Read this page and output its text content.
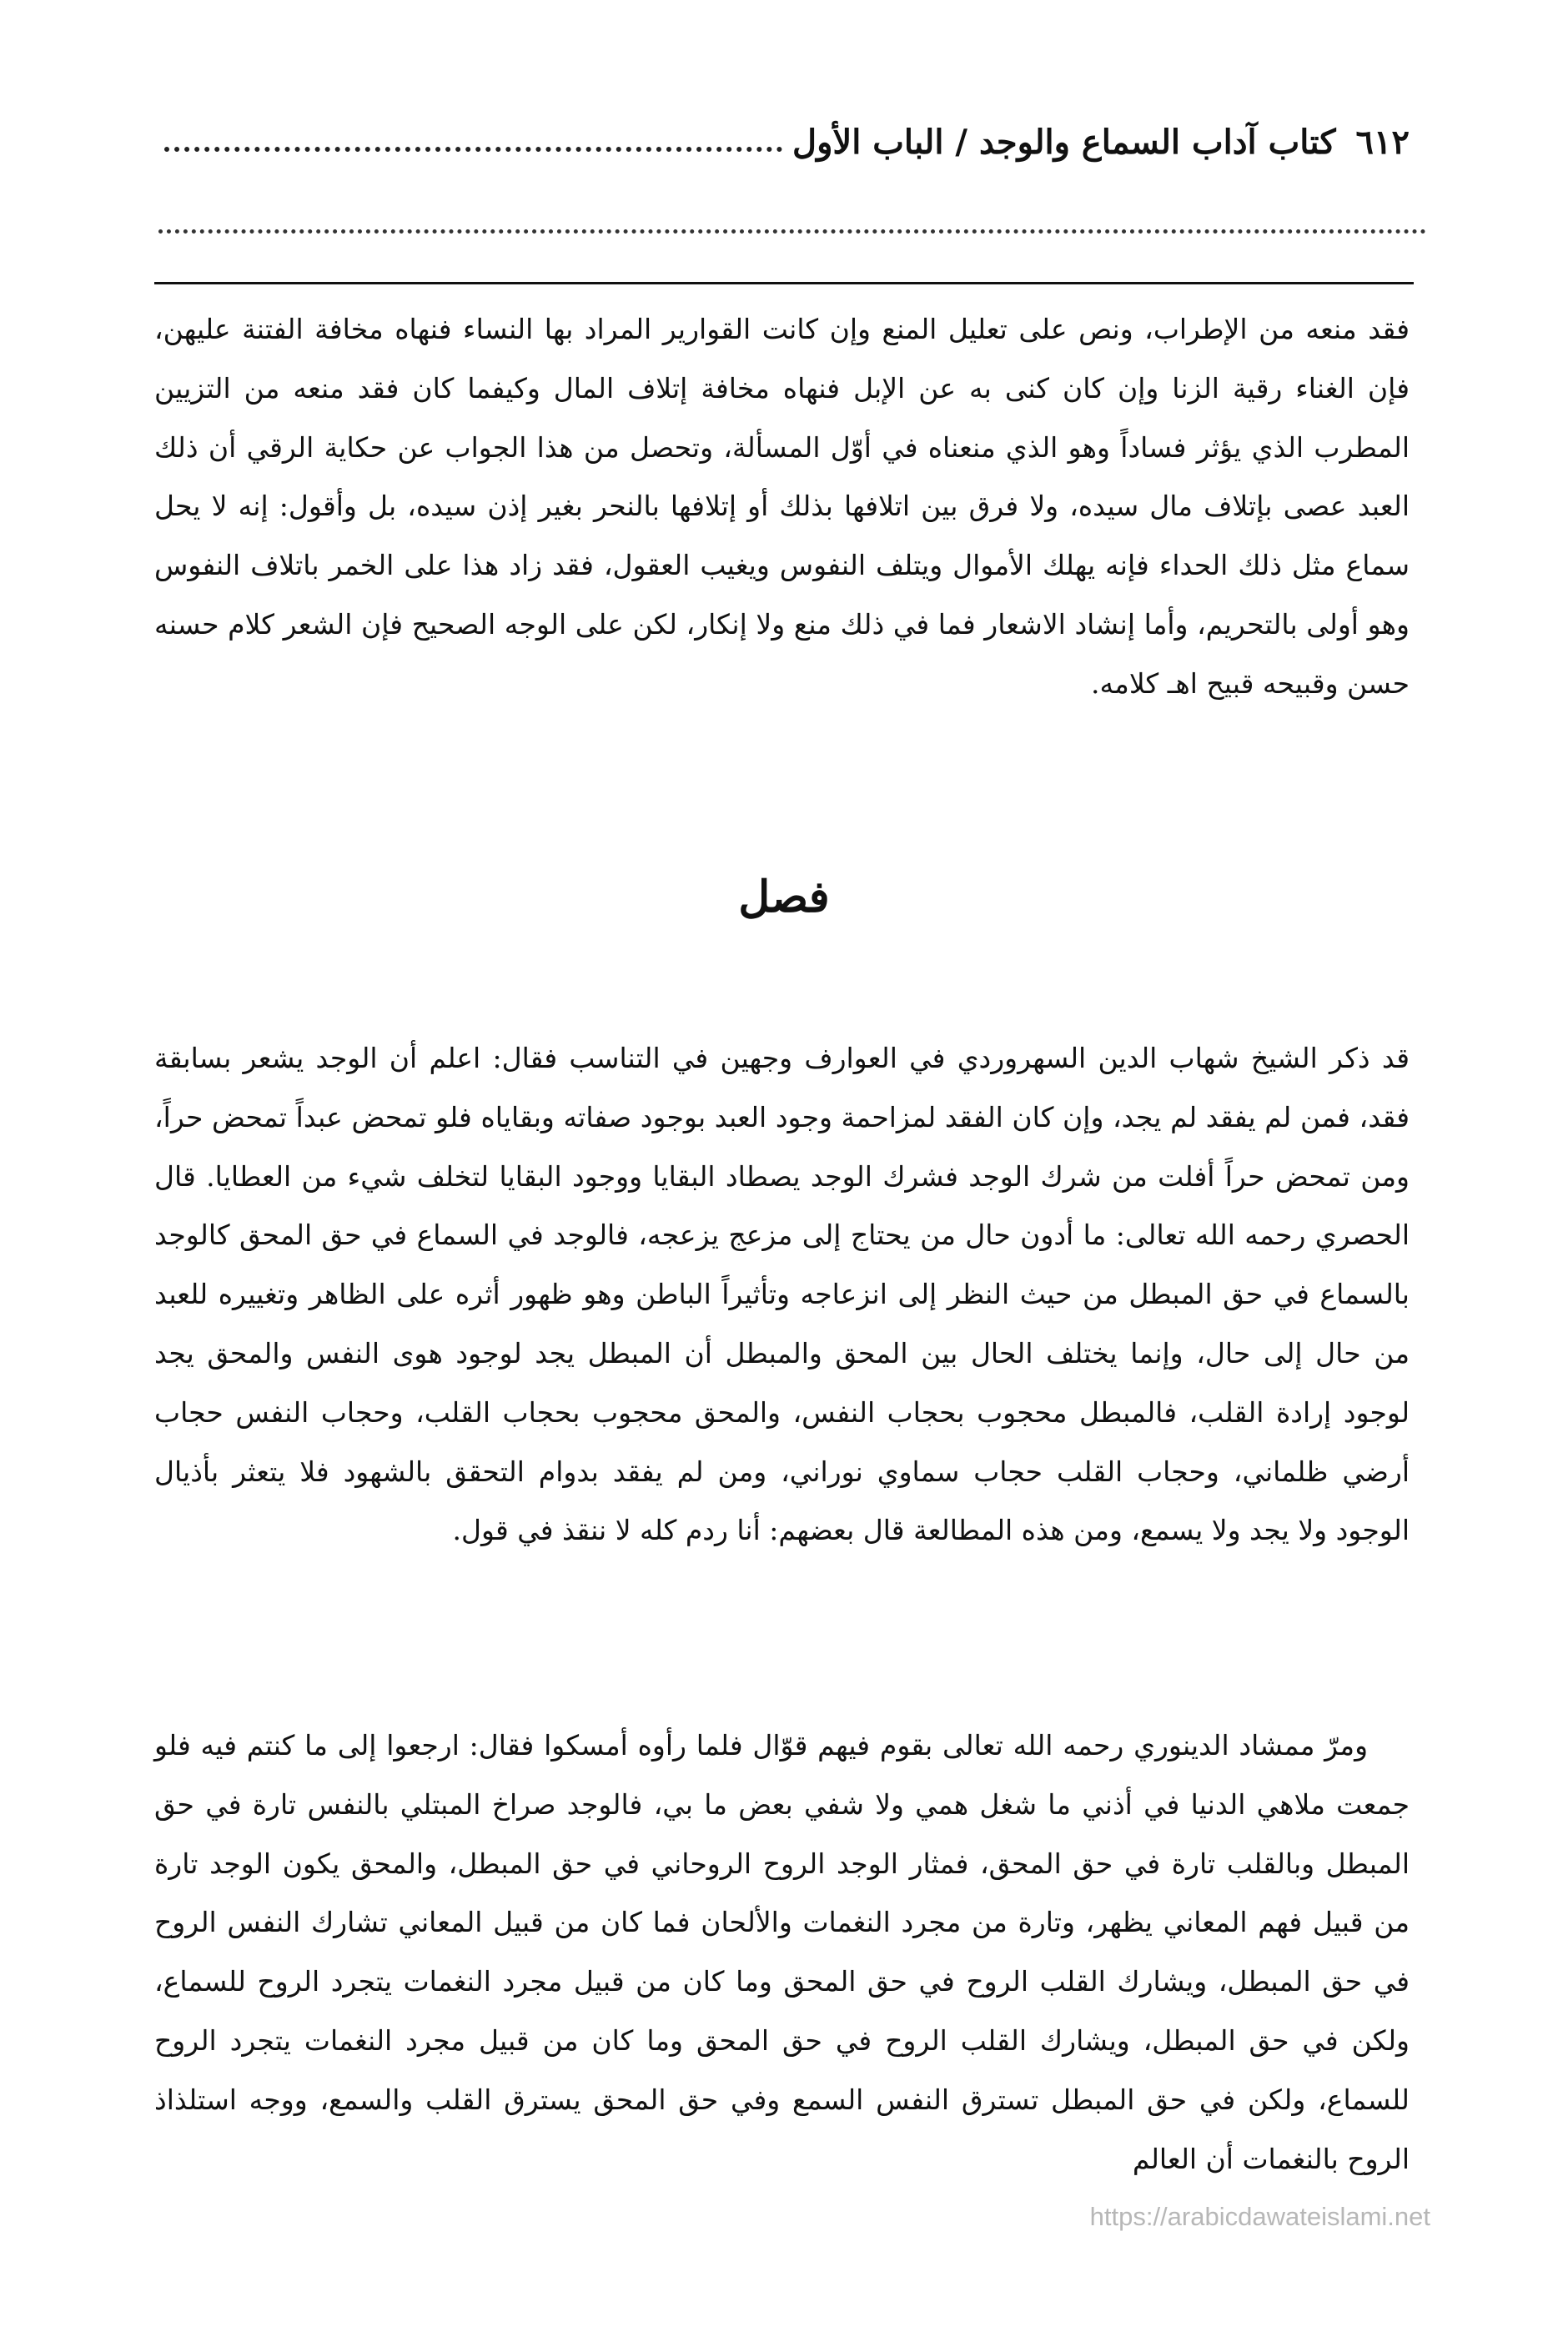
٦١٢
كتاب آداب السماع والوجد / الباب الأول

فقد منعه من الإطراب، ونص على تعليل المنع وإن كانت القوارير المراد بها النساء فنهاه مخافة الفتنة عليهن، فإن الغناء رقية الزنا وإن كان كنى به عن الإبل فنهاه مخافة إتلاف المال وكيفما كان فقد منعه من التزيين المطرب الذي يؤثر فساداً وهو الذي منعناه في أوّل المسألة، وتحصل من هذا الجواب عن حكاية الرقي أن ذلك العبد عصى بإتلاف مال سيده، ولا فرق بين اتلافها بذلك أو إتلافها بالنحر بغير إذن سيده، بل وأقول: إنه لا يحل سماع مثل ذلك الحداء فإنه يهلك الأموال ويتلف النفوس ويغيب العقول، فقد زاد هذا على الخمر باتلاف النفوس وهو أولى بالتحريم، وأما إنشاد الاشعار فما في ذلك منع ولا إنكار، لكن على الوجه الصحيح فإن الشعر كلام حسنه حسن وقبيحه قبيح اهـ كلامه.

فصل

قد ذكر الشيخ شهاب الدين السهروردي في العوارف وجهين في التناسب فقال: اعلم أن الوجد يشعر بسابقة فقد، فمن لم يفقد لم يجد، وإن كان الفقد لمزاحمة وجود العبد بوجود صفاته وبقاياه فلو تمحض عبداً تمحض حراً، ومن تمحض حراً أفلت من شرك الوجد فشرك الوجد يصطاد البقايا ووجود البقايا لتخلف شيء من العطايا. قال الحصري رحمه الله تعالى: ما أدون حال من يحتاج إلى مزعج يزعجه، فالوجد في السماع في حق المحق كالوجد بالسماع في حق المبطل من حيث النظر إلى انزعاجه وتأثيراً الباطن وهو ظهور أثره على الظاهر وتغييره للعبد من حال إلى حال، وإنما يختلف الحال بين المحق والمبطل أن المبطل يجد لوجود هوى النفس والمحق يجد لوجود إرادة القلب، فالمبطل محجوب بحجاب النفس، والمحق محجوب بحجاب القلب، وحجاب النفس حجاب أرضي ظلماني، وحجاب القلب حجاب سماوي نوراني، ومن لم يفقد بدوام التحقق بالشهود فلا يتعثر بأذيال الوجود ولا يجد ولا يسمع، ومن هذه المطالعة قال بعضهم: أنا ردم كله لا ننقذ في قول.

ومرّ ممشاد الدينوري رحمه الله تعالى بقوم فيهم قوّال فلما رأوه أمسكوا فقال: ارجعوا إلى ما كنتم فيه فلو جمعت ملاهي الدنيا في أذني ما شغل همي ولا شفي بعض ما بي، فالوجد صراخ المبتلي بالنفس تارة في حق المبطل وبالقلب تارة في حق المحق، فمثار الوجد الروح الروحاني في حق المبطل، والمحق يكون الوجد تارة من قبيل فهم المعاني يظهر، وتارة من مجرد النغمات والألحان فما كان من قبيل المعاني تشارك النفس الروح في حق المبطل، ويشارك القلب الروح في حق المحق وما كان من قبيل مجرد النغمات يتجرد الروح للسماع، ولكن في حق المبطل، ويشارك القلب الروح في حق المحق وما كان من قبيل مجرد النغمات يتجرد الروح للسماع، ولكن في حق المبطل تسترق النفس السمع وفي حق المحق يسترق القلب والسمع، ووجه استلذاذ الروح بالنغمات أن العالم

https://arabicdawateislami.net
